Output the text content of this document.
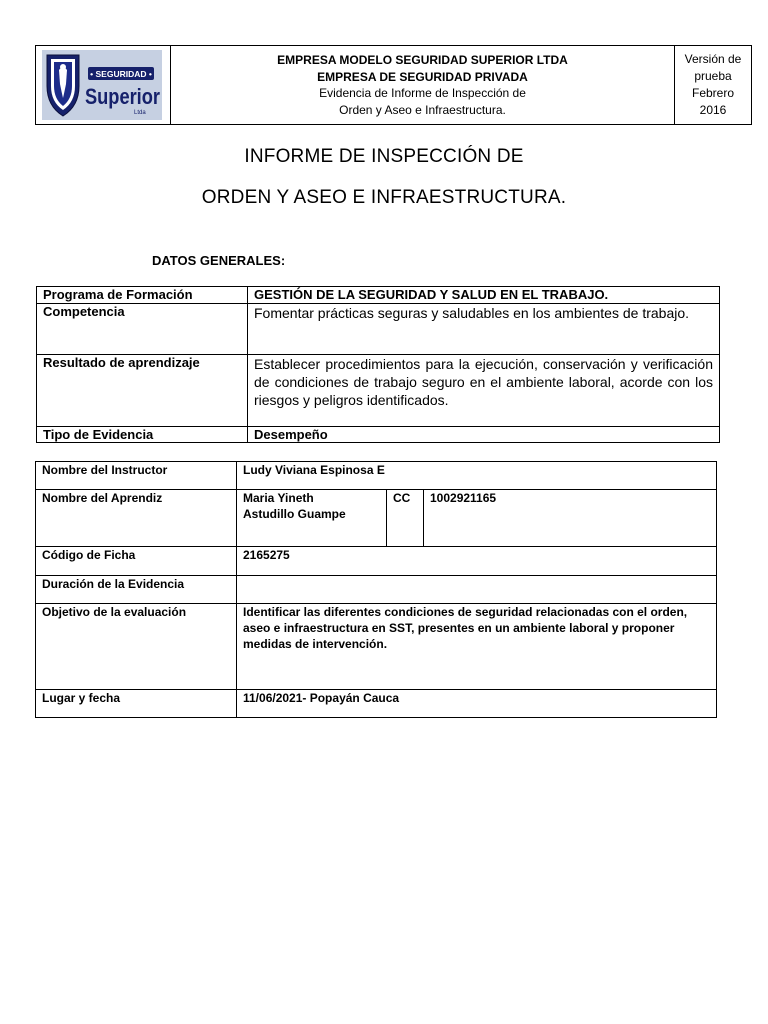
• SEGURIDAD •
Superior
Ltda

EMPRESA MODELO SEGURIDAD SUPERIOR LTDA
EMPRESA DE SEGURIDAD PRIVADA
Evidencia de Informe de Inspección de
Orden y Aseo e Infraestructura.

Versión de
prueba
Febrero
2016
INFORME DE INSPECCIÓN DE
ORDEN Y ASEO E INFRAESTRUCTURA.
DATOS GENERALES:
Programa de Formación	GESTIÓN DE LA SEGURIDAD Y SALUD EN EL TRABAJO.
Competencia	Fomentar prácticas seguras y saludables en los ambientes de trabajo.
Resultado de aprendizaje	Establecer procedimientos para la ejecución, conservación y verificación de condiciones de trabajo seguro en el ambiente laboral, acorde con los riesgos y peligros identificados.
Tipo de Evidencia	Desempeño
Nombre del Instructor	Ludy Viviana Espinosa E		
Nombre del Aprendiz	Maria Yineth
Astudillo Guampe	CC	1002921165
Código de Ficha	2165275		
Duración de la Evidencia			
Objetivo de la evaluación	Identificar las diferentes condiciones de seguridad relacionadas con el orden, aseo e infraestructura en SST, presentes en un ambiente laboral y proponer medidas de intervención.		
Lugar y fecha	11/06/2021- Popayán Cauca		
